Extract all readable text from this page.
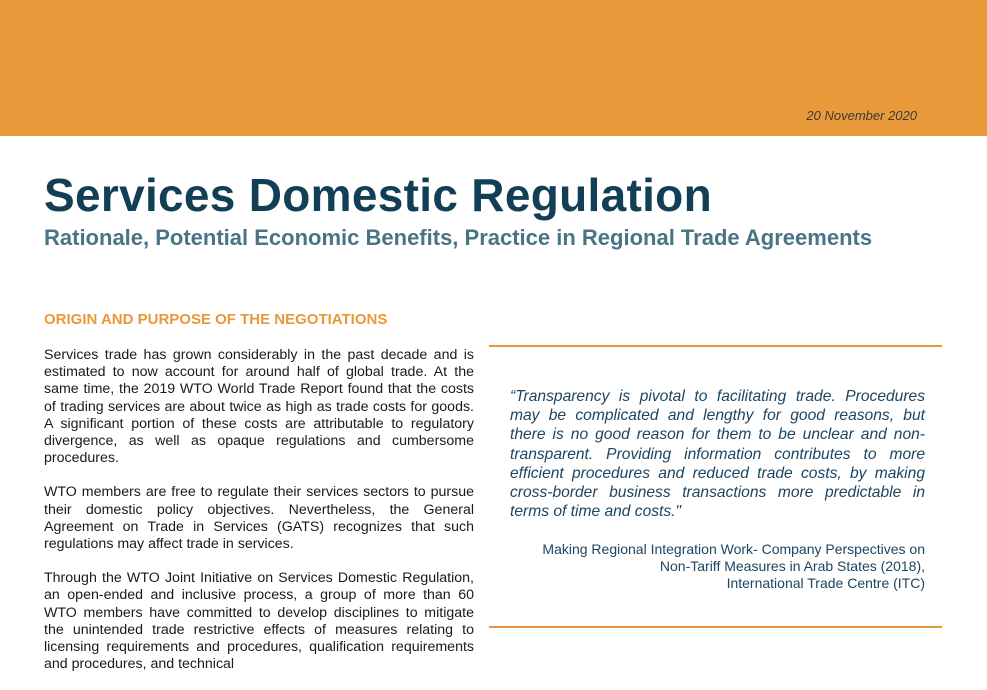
20 November 2020
Services Domestic Regulation
Rationale, Potential Economic Benefits, Practice in Regional Trade Agreements
ORIGIN AND PURPOSE OF THE NEGOTIATIONS

Services trade has grown considerably in the past decade and is estimated to now account for around half of global trade. At the same time, the 2019 WTO World Trade Report found that the costs of trading services are about twice as high as trade costs for goods. A significant portion of these costs are attributable to regulatory divergence, as well as opaque regulations and cumbersome procedures.

WTO members are free to regulate their services sectors to pursue their domestic policy objectives. Nevertheless, the General Agreement on Trade in Services (GATS) recognizes that such regulations may affect trade in services.

Through the WTO Joint Initiative on Services Domestic Regulation, an open-ended and inclusive process, a group of more than 60 WTO members have committed to develop disciplines to mitigate the unintended trade restrictive effects of measures relating to licensing requirements and procedures, qualification requirements and procedures, and technical

“Transparency is pivotal to facilitating trade. Procedures may be complicated and lengthy for good reasons, but there is no good reason for them to be unclear and non-transparent. Providing information contributes to more efficient procedures and reduced trade costs, by making cross-border business transactions more predictable in terms of time and costs."

Making Regional Integration Work- Company Perspectives on
Non-Tariff Measures in Arab States (2018),
International Trade Centre (ITC)
